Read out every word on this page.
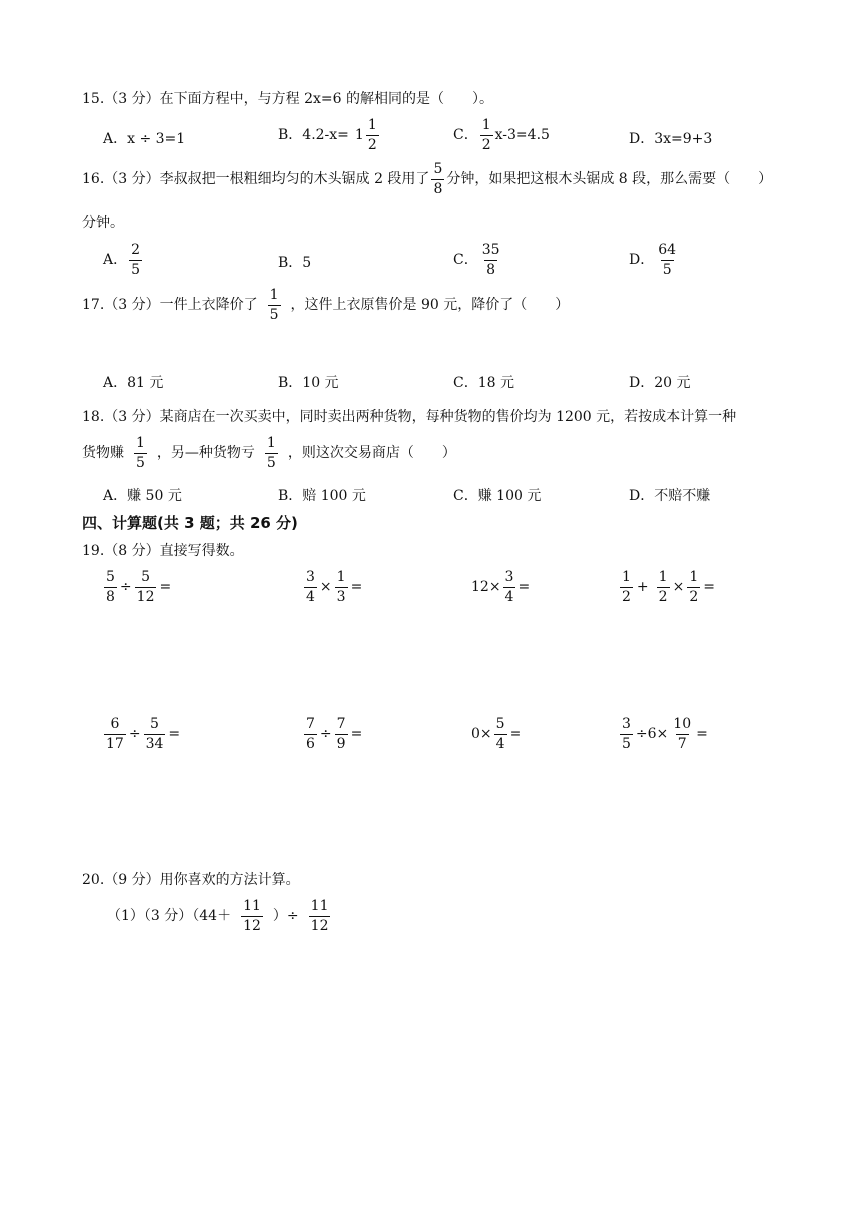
15.（3 分）在下面方程中，与方程 2x=6 的解相同的是（　　）。
A．x ÷ 3=1	B．$4.2-x= 1 \frac{1}{2}$	C． $\frac{1}{2} x-3=4.5$	D．3x=9+3
16.（3 分）李叔叔把一根粗细均匀的木头锯成 2 段用了 $\frac{5}{8}$ 分钟，如果把这根木头锯成 8 段，那么需要（　　）
分钟。
A． $\frac{2}{5}$	B．5	C． $\frac{35}{8}$	D． $\frac{64}{5}$
17.（3 分）一件上衣降价了 $\frac{1}{5}$ ，这件上衣原售价是 90 元，降价了（　　）
A．81 元	B．10 元	C．18 元	D．20 元
18.（3 分）某商店在一次买卖中，同时卖出两种货物，每种货物的售价均为 1200 元，若按成本计算一种
货物赚 $\frac{1}{5}$ ，另—种货物亏 $\frac{1}{5}$ ，则这次交易商店（　　）
A．赚 50 元	B．赔 100 元	C．赚 100 元	D．不赔不赚
四、计算题(共 3 题；共 26 分)
19.（8 分）直接写得数。
$\frac{5}{8} \div \frac{5}{12}$ =	$\frac{3}{4} \times \frac{1}{3}$ =	$12\times \frac{3}{4}$ =	$\frac{1}{2} + \frac{1}{2} \times \frac{1}{2}$ =
$\frac{6}{17} \div \frac{5}{34}$ =	$\frac{7}{6} \div \frac{7}{9}$ =	$0\times \frac{5}{4}$ =	$\frac{3}{5} \div 6\times \frac{10}{7}$ =
20.（9 分）用你喜欢的方法计算。
（1）（3 分）（$44+ \frac{11}{12}$ ）÷ $\frac{11}{12}$
